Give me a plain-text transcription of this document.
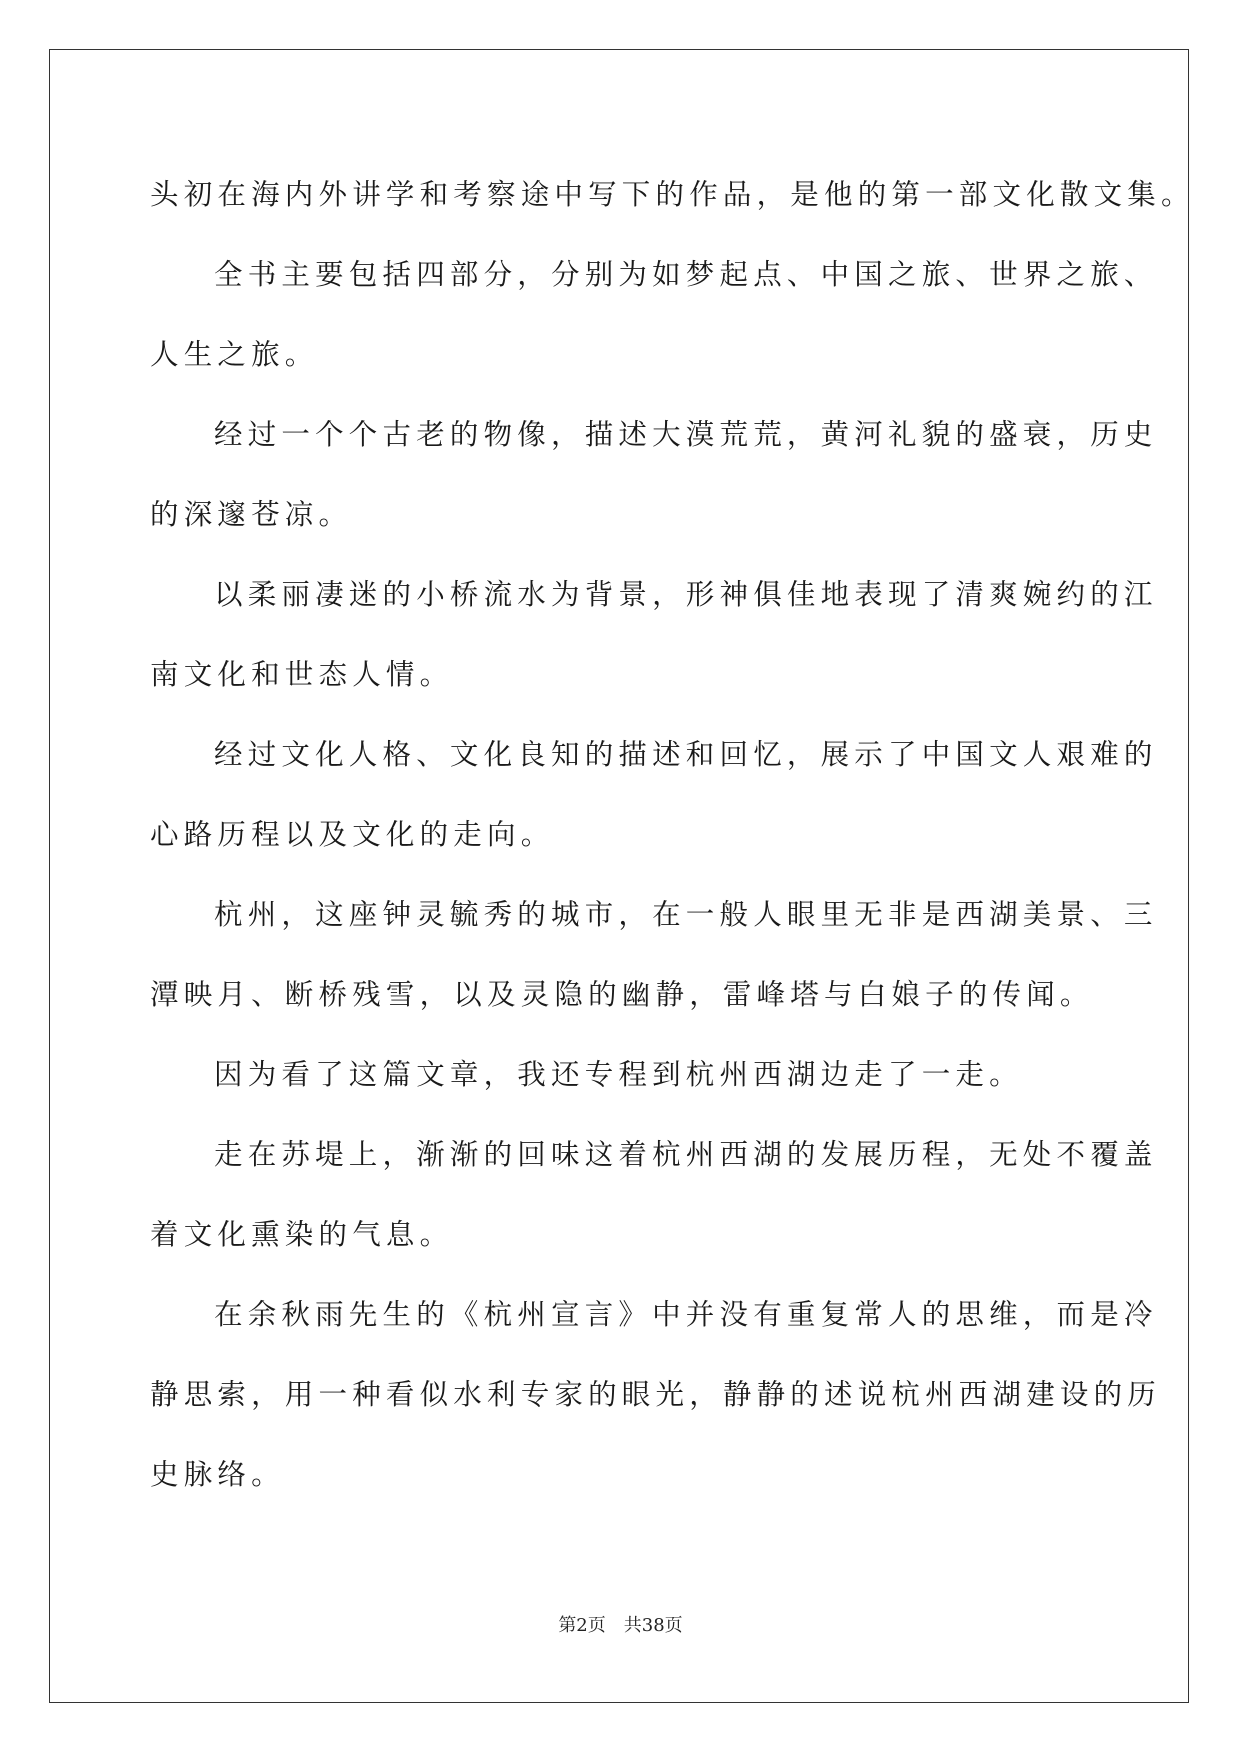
头初在海内外讲学和考察途中写下的作品，是他的第一部文化散文集。
全书主要包括四部分，分别为如梦起点、中国之旅、世界之旅、
人生之旅。
经过一个个古老的物像，描述大漠荒荒，黄河礼貌的盛衰，历史
的深邃苍凉。
以柔丽凄迷的小桥流水为背景，形神俱佳地表现了清爽婉约的江
南文化和世态人情。
经过文化人格、文化良知的描述和回忆，展示了中国文人艰难的
心路历程以及文化的走向。
杭州，这座钟灵毓秀的城市，在一般人眼里无非是西湖美景、三
潭映月、断桥残雪，以及灵隐的幽静，雷峰塔与白娘子的传闻。
因为看了这篇文章，我还专程到杭州西湖边走了一走。
走在苏堤上，渐渐的回味这着杭州西湖的发展历程，无处不覆盖
着文化熏染的气息。
在余秋雨先生的《杭州宣言》中并没有重复常人的思维，而是冷
静思索，用一种看似水利专家的眼光，静静的述说杭州西湖建设的历
史脉络。
第2页 共38页
